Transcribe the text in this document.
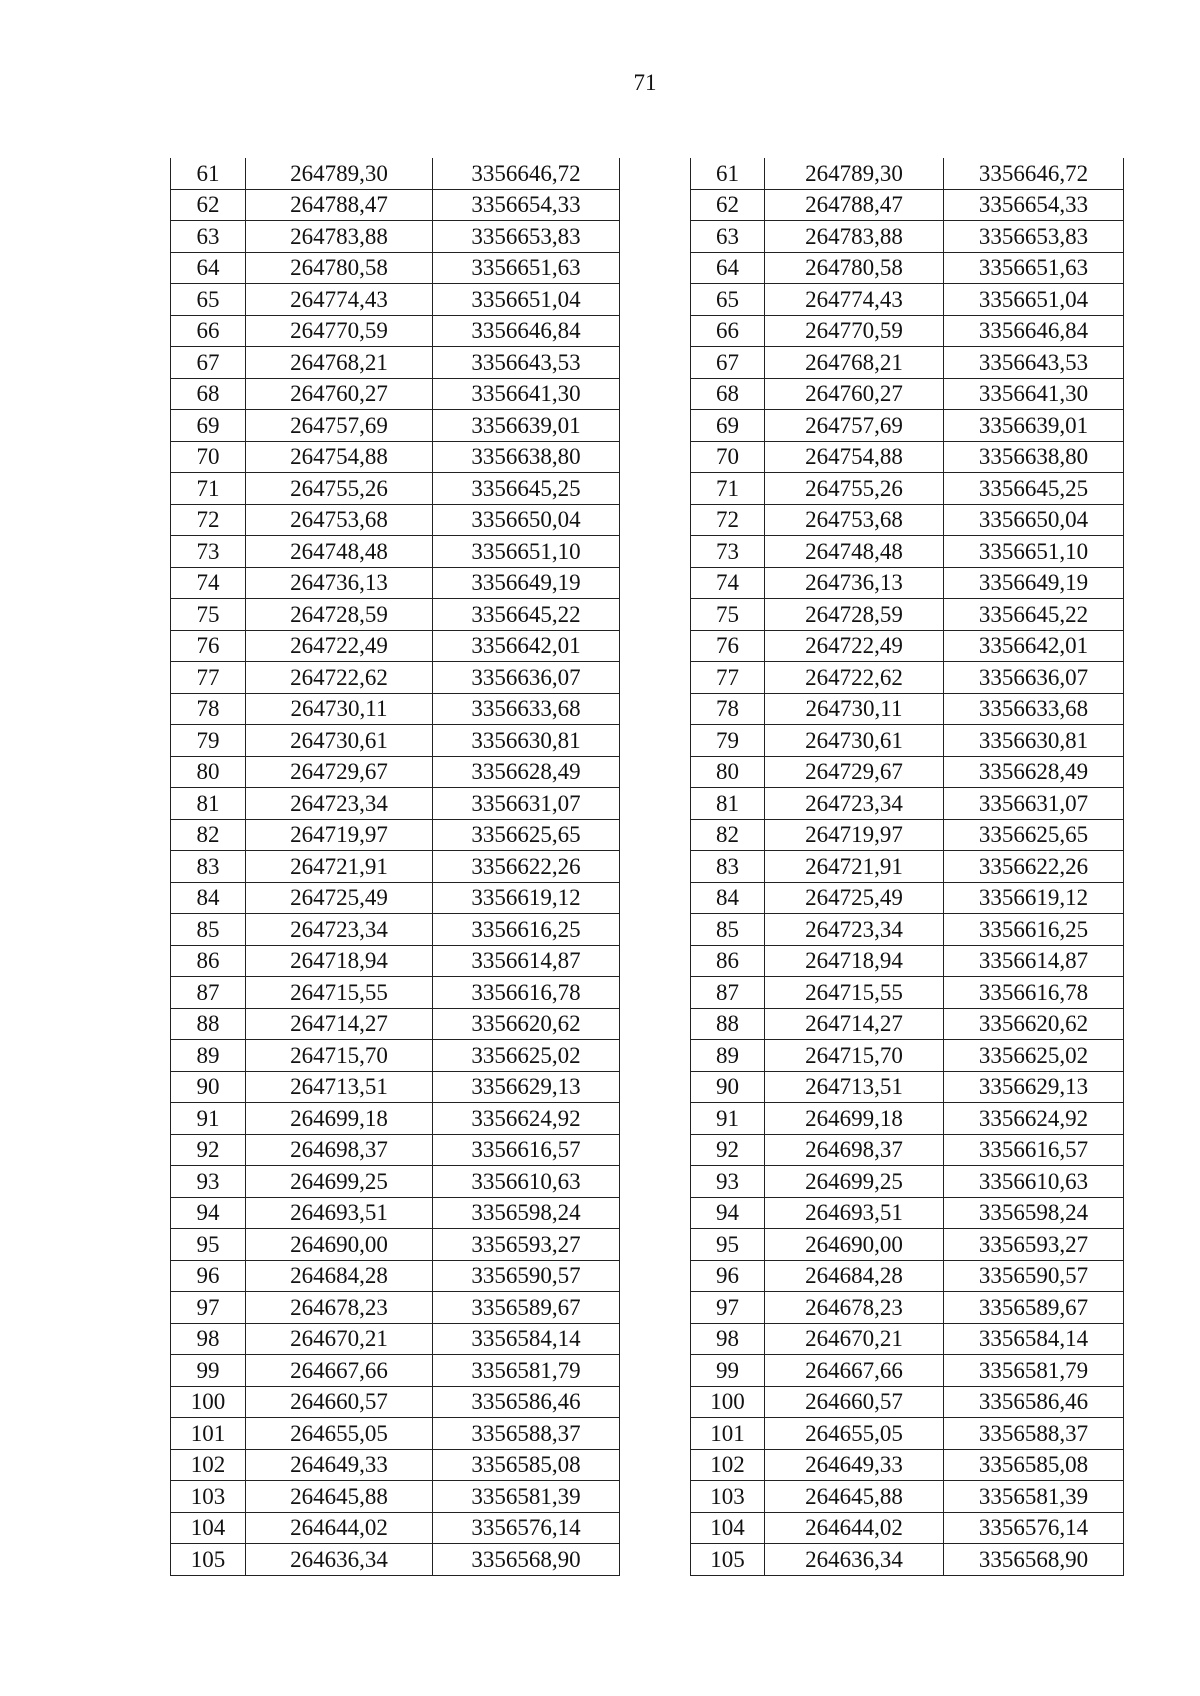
71
61	264789,30	3356646,72
62	264788,47	3356654,33
63	264783,88	3356653,83
64	264780,58	3356651,63
65	264774,43	3356651,04
66	264770,59	3356646,84
67	264768,21	3356643,53
68	264760,27	3356641,30
69	264757,69	3356639,01
70	264754,88	3356638,80
71	264755,26	3356645,25
72	264753,68	3356650,04
73	264748,48	3356651,10
74	264736,13	3356649,19
75	264728,59	3356645,22
76	264722,49	3356642,01
77	264722,62	3356636,07
78	264730,11	3356633,68
79	264730,61	3356630,81
80	264729,67	3356628,49
81	264723,34	3356631,07
82	264719,97	3356625,65
83	264721,91	3356622,26
84	264725,49	3356619,12
85	264723,34	3356616,25
86	264718,94	3356614,87
87	264715,55	3356616,78
88	264714,27	3356620,62
89	264715,70	3356625,02
90	264713,51	3356629,13
91	264699,18	3356624,92
92	264698,37	3356616,57
93	264699,25	3356610,63
94	264693,51	3356598,24
95	264690,00	3356593,27
96	264684,28	3356590,57
97	264678,23	3356589,67
98	264670,21	3356584,14
99	264667,66	3356581,79
100	264660,57	3356586,46
101	264655,05	3356588,37
102	264649,33	3356585,08
103	264645,88	3356581,39
104	264644,02	3356576,14
105	264636,34	3356568,90
61	264789,30	3356646,72
62	264788,47	3356654,33
63	264783,88	3356653,83
64	264780,58	3356651,63
65	264774,43	3356651,04
66	264770,59	3356646,84
67	264768,21	3356643,53
68	264760,27	3356641,30
69	264757,69	3356639,01
70	264754,88	3356638,80
71	264755,26	3356645,25
72	264753,68	3356650,04
73	264748,48	3356651,10
74	264736,13	3356649,19
75	264728,59	3356645,22
76	264722,49	3356642,01
77	264722,62	3356636,07
78	264730,11	3356633,68
79	264730,61	3356630,81
80	264729,67	3356628,49
81	264723,34	3356631,07
82	264719,97	3356625,65
83	264721,91	3356622,26
84	264725,49	3356619,12
85	264723,34	3356616,25
86	264718,94	3356614,87
87	264715,55	3356616,78
88	264714,27	3356620,62
89	264715,70	3356625,02
90	264713,51	3356629,13
91	264699,18	3356624,92
92	264698,37	3356616,57
93	264699,25	3356610,63
94	264693,51	3356598,24
95	264690,00	3356593,27
96	264684,28	3356590,57
97	264678,23	3356589,67
98	264670,21	3356584,14
99	264667,66	3356581,79
100	264660,57	3356586,46
101	264655,05	3356588,37
102	264649,33	3356585,08
103	264645,88	3356581,39
104	264644,02	3356576,14
105	264636,34	3356568,90
